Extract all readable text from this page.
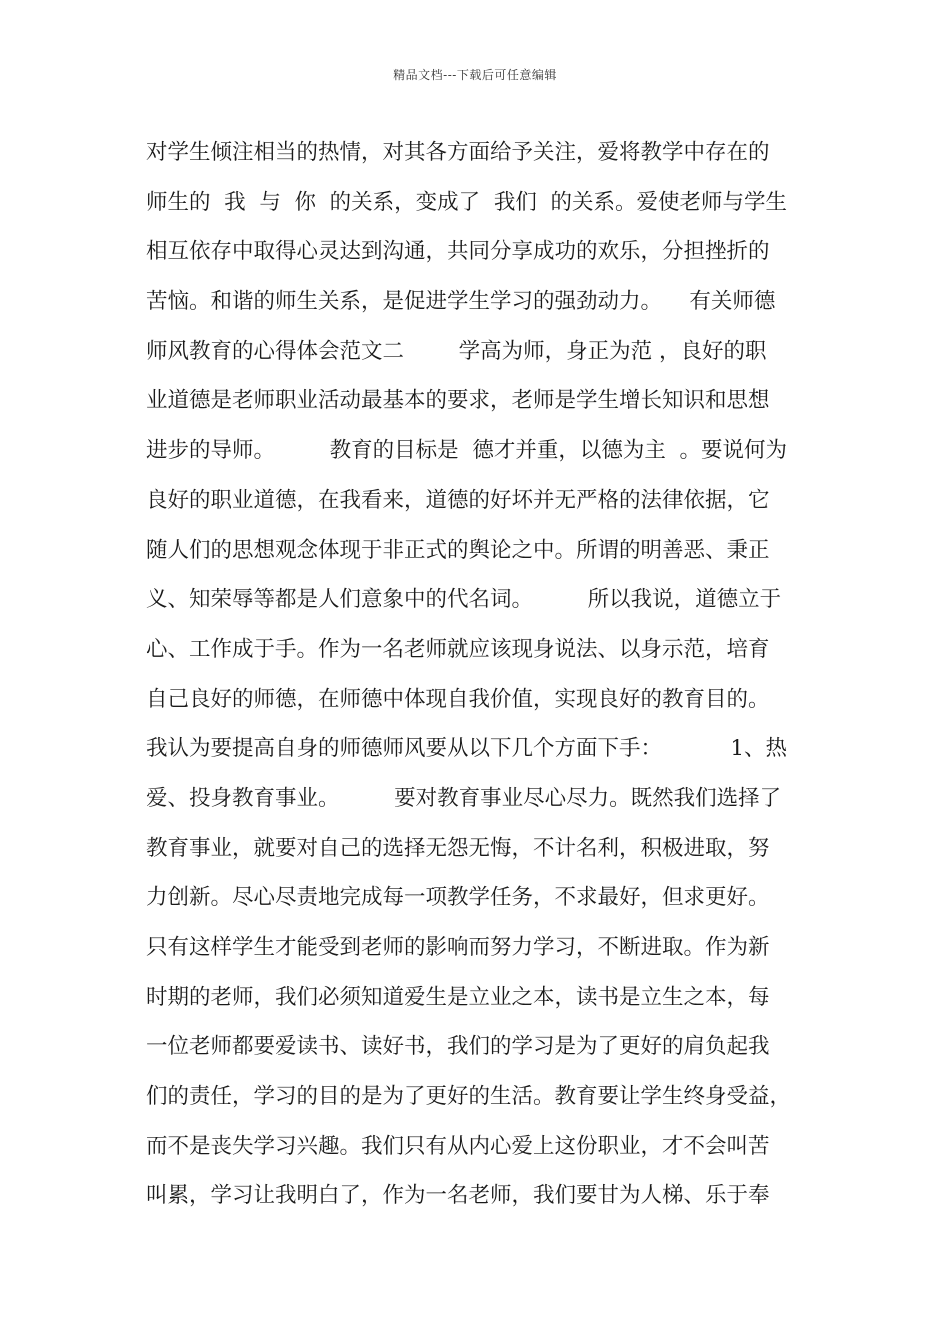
精品文档---下载后可任意编辑
对学生倾注相当的热情，对其各方面给予关注，爱将教学中存在的
师生的  我  与  你  的关系，变成了  我们  的关系。爱使老师与学生
相互依存中取得心灵达到沟通，共同分享成功的欢乐，分担挫折的
苦恼。和谐的师生关系，是促进学生学习的强劲动力。    有关师德
师风教育的心得体会范文二        学高为师，身正为范 ，良好的职
业道德是老师职业活动最基本的要求，老师是学生增长知识和思想
进步的导师。        教育的目标是  德才并重，以德为主  。要说何为
良好的职业道德，在我看来，道德的好坏并无严格的法律依据，它
随人们的思想观念体现于非正式的舆论之中。所谓的明善恶、秉正
义、知荣辱等都是人们意象中的代名词。        所以我说，道德立于
心、工作成于手。作为一名老师就应该现身说法、以身示范，培育
自己良好的师德，在师德中体现自我价值，实现良好的教育目的。
我认为要提高自身的师德师风要从以下几个方面下手：          1、热
爱、投身教育事业。        要对教育事业尽心尽力。既然我们选择了
教育事业，就要对自己的选择无怨无悔，不计名利，积极进取，努
力创新。尽心尽责地完成每一项教学任务，不求最好，但求更好。
只有这样学生才能受到老师的影响而努力学习，不断进取。作为新
时期的老师，我们必须知道爱生是立业之本，读书是立生之本，每
一位老师都要爱读书、读好书，我们的学习是为了更好的肩负起我
们的责任，学习的目的是为了更好的生活。教育要让学生终身受益，
而不是丧失学习兴趣。我们只有从内心爱上这份职业，才不会叫苦
叫累，学习让我明白了，作为一名老师，我们要甘为人梯、乐于奉
